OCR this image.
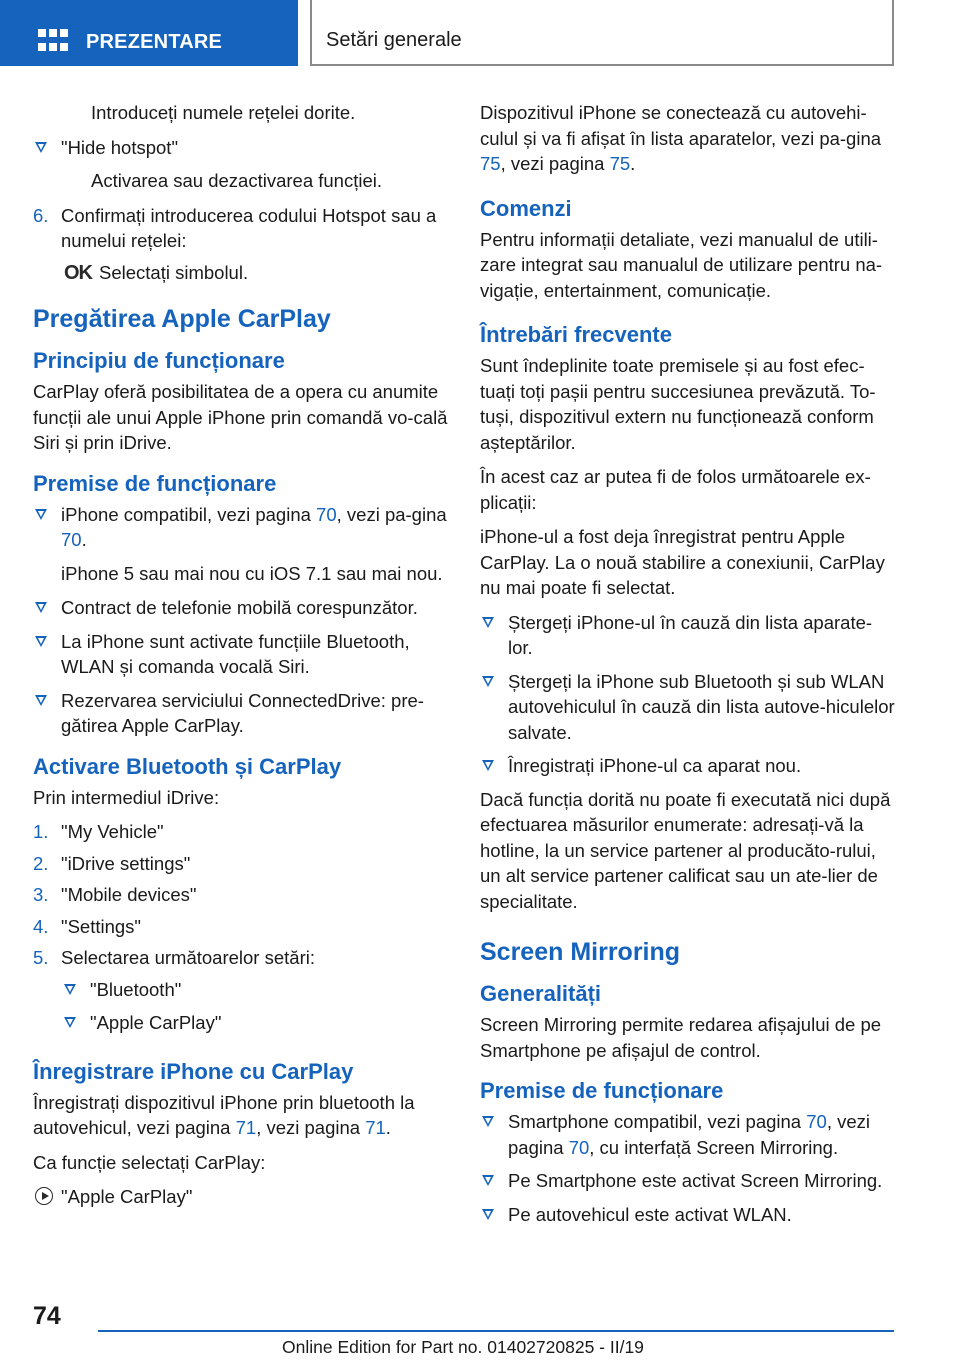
PREZENTARE	Setări generale
Introduceți numele rețelei dorite.
"Hide hotspot"
Activarea sau dezactivarea funcției.
6. Confirmați introducerea codului Hotspot sau a numelui rețelei:
OK Selectați simbolul.
Pregătirea Apple CarPlay
Principiu de funcționare
CarPlay oferă posibilitatea de a opera cu anumite funcții ale unui Apple iPhone prin comandă vo-cală Siri și prin iDrive.
Premise de funcționare
iPhone compatibil, vezi pagina 70, vezi pa-gina 70.
iPhone 5 sau mai nou cu iOS 7.1 sau mai nou.
Contract de telefonie mobilă corespunzător.
La iPhone sunt activate funcțiile Bluetooth, WLAN și comanda vocală Siri.
Rezervarea serviciului ConnectedDrive: pre-gătirea Apple CarPlay.
Activare Bluetooth și CarPlay
Prin intermediul iDrive:
1. "My Vehicle"
2. "iDrive settings"
3. "Mobile devices"
4. "Settings"
5. Selectarea următoarelor setări:
"Bluetooth"
"Apple CarPlay"
Înregistrare iPhone cu CarPlay
Înregistrați dispozitivul iPhone prin bluetooth la autovehicul, vezi pagina 71, vezi pagina 71.
Ca funcție selectați CarPlay:
"Apple CarPlay"
Dispozitivul iPhone se conectează cu autovehi-culul și va fi afișat în lista aparatelor, vezi pa-gina 75, vezi pagina 75.
Comenzi
Pentru informații detaliate, vezi manualul de utili-zare integrat sau manualul de utilizare pentru na-vigație, entertainment, comunicație.
Întrebări frecvente
Sunt îndeplinite toate premisele și au fost efec-tuați toți pașii pentru succesiunea prevăzută. To-tuși, dispozitivul extern nu funcționează conform așteptărilor.
În acest caz ar putea fi de folos următoarele ex-plicații:
iPhone-ul a fost deja înregistrat pentru Apple CarPlay. La o nouă stabilire a conexiunii, CarPlay nu mai poate fi selectat.
Ștergeți iPhone-ul în cauză din lista aparate-lor.
Ștergeți la iPhone sub Bluetooth și sub WLAN autovehiculul în cauză din lista autove-hiculelor salvate.
Înregistrați iPhone-ul ca aparat nou.
Dacă funcția dorită nu poate fi executată nici după efectuarea măsurilor enumerate: adresați-vă la hotline, la un service partener al producăto-rului, un alt service partener calificat sau un ate-lier de specialitate.
Screen Mirroring
Generalități
Screen Mirroring permite redarea afișajului de pe Smartphone pe afișajul de control.
Premise de funcționare
Smartphone compatibil, vezi pagina 70, vezi pagina 70, cu interfață Screen Mirroring.
Pe Smartphone este activat Screen Mirroring.
Pe autovehicul este activat WLAN.
74
Online Edition for Part no. 01402720825 - II/19
